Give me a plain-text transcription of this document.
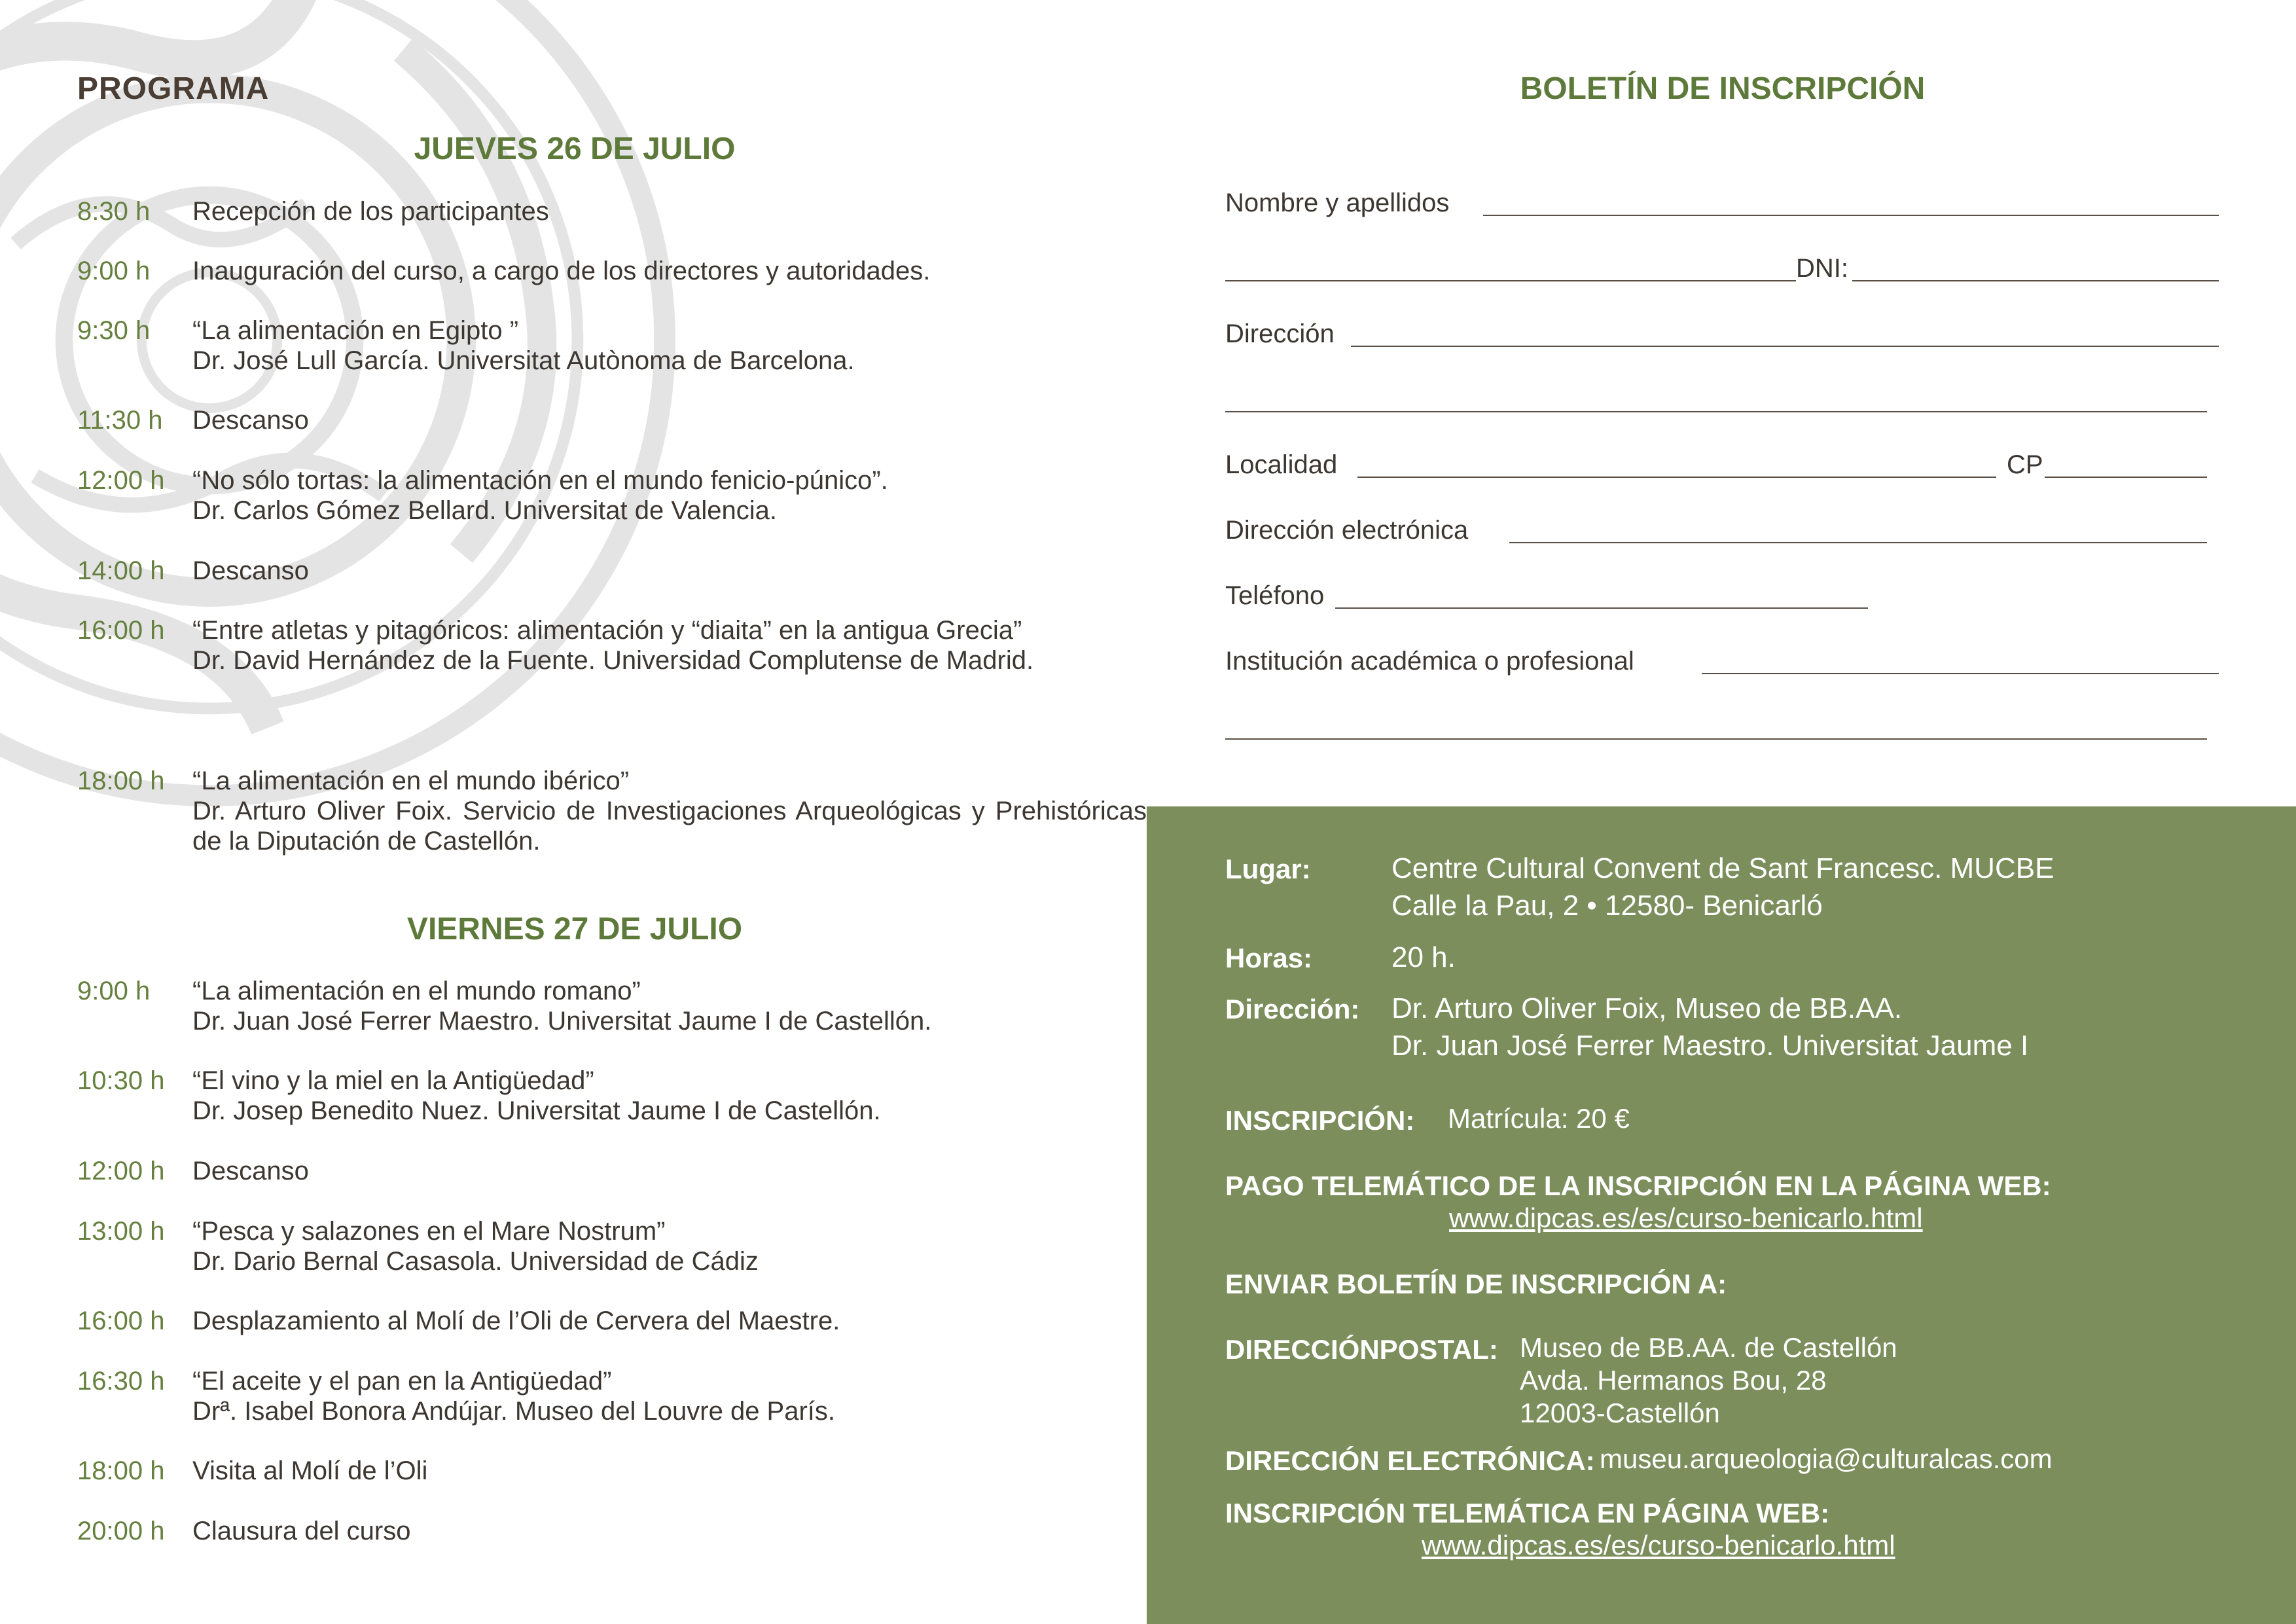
PROGRAMA
JUEVES 26 DE JULIO
8:30 h Recepción de los participantes
9:00 h Inauguración del curso, a cargo de los directores y autoridades.
9:30 h “La alimentación en Egipto ”
Dr. José Lull García. Universitat Autònoma de Barcelona.
11:30 h Descanso
12:00 h “No sólo tortas: la alimentación en el mundo fenicio-púnico”.
Dr. Carlos Gómez Bellard. Universitat de Valencia.
14:00 h Descanso
16:00 h “Entre atletas y pitagóricos: alimentación y “diaita” en la antigua Grecia”
Dr. David Hernández de la Fuente. Universidad Complutense de Madrid.
18:00 h “La alimentación en el mundo ibérico”
Dr. Arturo Oliver Foix. Servicio de Investigaciones Arqueológicas y Prehistóricas de la Diputación de Castellón.
VIERNES 27 DE JULIO
9:00 h “La alimentación en el mundo romano”
Dr. Juan José Ferrer Maestro. Universitat Jaume I de Castellón.
10:30 h “El vino y la miel en la Antigüedad”
Dr. Josep Benedito Nuez. Universitat Jaume I de Castellón.
12:00 h Descanso
13:00 h “Pesca y salazones en el Mare Nostrum”
Dr. Dario Bernal Casasola. Universidad de Cádiz
16:00 h Desplazamiento al Molí de l’Oli de Cervera del Maestre.
16:30 h “El aceite y el pan en la Antigüedad”
Drª. Isabel Bonora Andújar. Museo del Louvre de París.
18:00 h Visita al Molí de l’Oli
20:00 h Clausura del curso
BOLETÍN DE INSCRIPCIÓN
Nombre y apellidos
DNI:
Dirección
Localidad	CP
Dirección electrónica
Teléfono
Institución académica o profesional
Lugar:	Centre Cultural Convent de Sant Francesc. MUCBE
Calle la Pau, 2 • 12580- Benicarló
Horas:	20 h.
Dirección: Dr. Arturo Oliver Foix, Museo de BB.AA.
Dr. Juan José Ferrer Maestro. Universitat Jaume I
INSCRIPCIÓN: Matrícula: 20 €
PAGO TELEMÁTICO DE LA INSCRIPCIÓN EN LA PÁGINA WEB:
www.dipcas.es/es/curso-benicarlo.html
ENVIAR BOLETÍN DE INSCRIPCIÓN A:
DIRECCIÓNPOSTAL: Museo de BB.AA. de Castellón
Avda. Hermanos Bou, 28
12003-Castellón
DIRECCIÓN ELECTRÓNICA: museu.arqueologia@culturalcas.com
INSCRIPCIÓN TELEMÁTICA EN PÁGINA WEB:
www.dipcas.es/es/curso-benicarlo.html
